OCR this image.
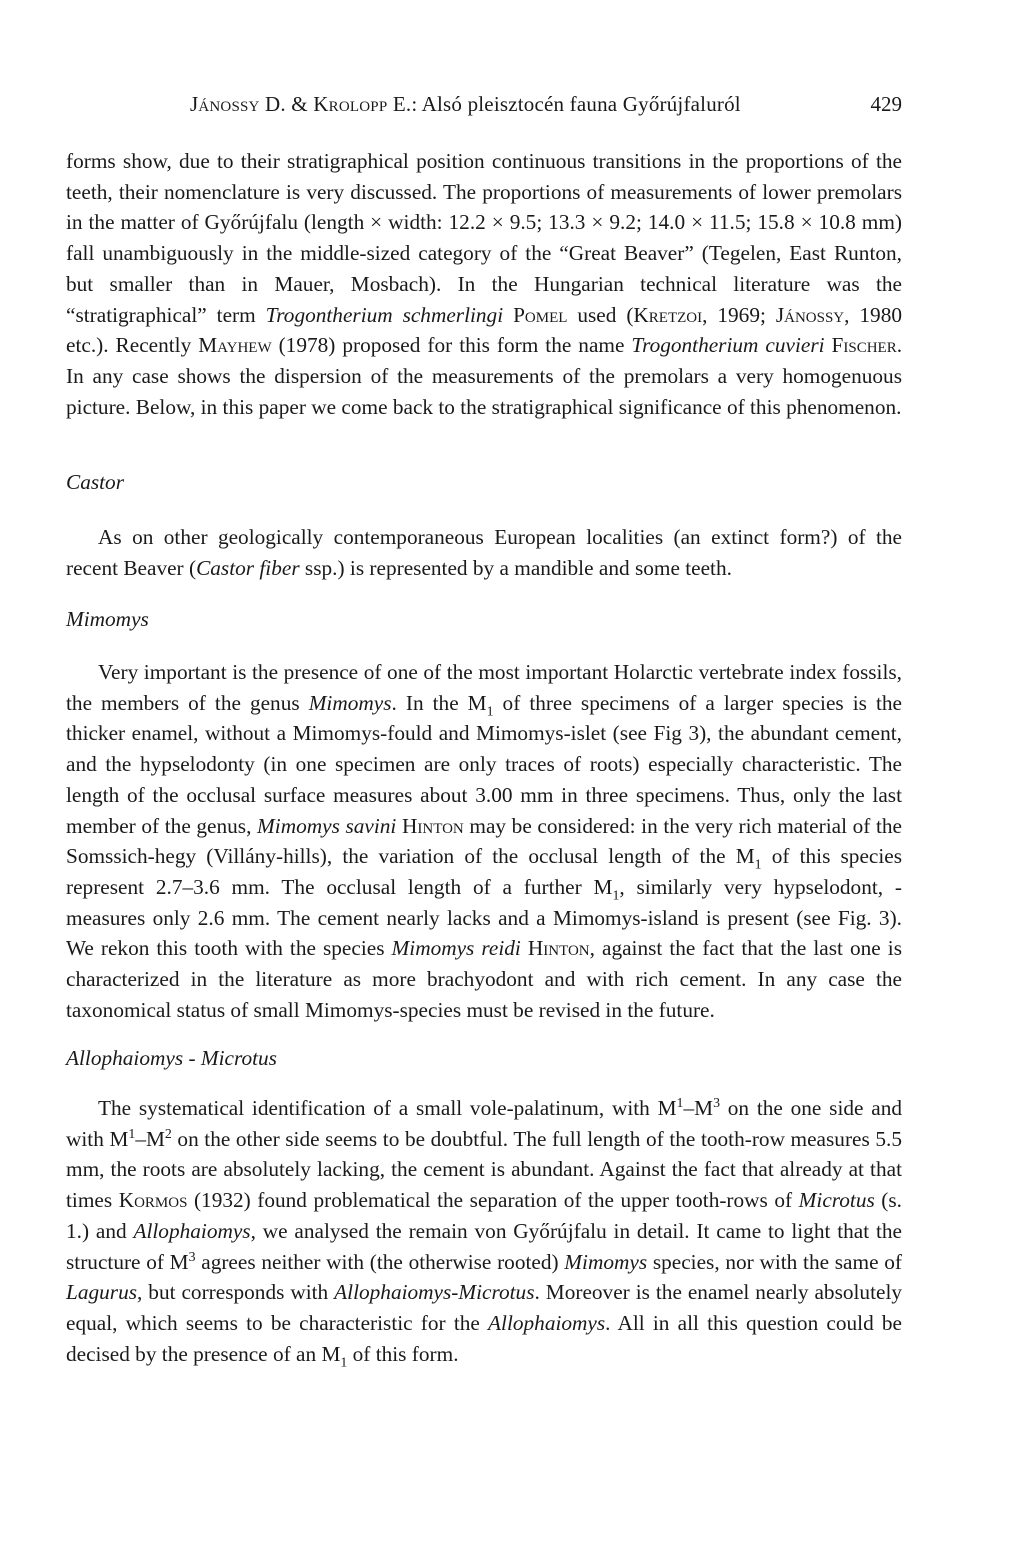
Jánossy D. & Krolopp E.: Alsó pleisztocén fauna Győrújfaluról	429

forms show, due to their stratigraphical position continuous transitions in the proportions of the teeth, their nomenclature is very discussed. The proportions of measurements of lower premolars in the matter of Győrújfalu (length × width: 12.2 × 9.5; 13.3 × 9.2; 14.0 × 11.5; 15.8 × 10.8 mm) fall unambiguously in the middle-sized category of the “Great Beaver” (Tegelen, East Runton, but smaller than in Mauer, Mosbach). In the Hungarian technical literature was the “stratigraphical” term Trogontherium schmerlingi Pomel used (Kretzoi, 1969; Jánossy, 1980 etc.). Recently Mayhew (1978) proposed for this form the name Trogontherium cuvieri Fischer. In any case shows the dispersion of the measurements of the premolars a very homogenuous picture. Below, in this paper we come back to the stratigraphical significance of this phenomenon.

Castor

As on other geologically contemporaneous European localities (an extinct form?) of the recent Beaver (Castor fiber ssp.) is represented by a mandible and some teeth.

Mimomys

Very important is the presence of one of the most important Holarctic vertebrate index fossils, the members of the genus Mimomys. In the $M_1$ of three specimens of a larger species is the thicker enamel, without a Mimomys-fould and Mimomys-islet (see Fig 3), the abundant cement, and the hypselodonty (in one specimen are only traces of roots) especially characteristic. The length of the occlusal surface measures about 3.00 mm in three specimens. Thus, only the last member of the genus, Mimomys savini Hinton may be considered: in the very rich material of the Somssich-hegy (Villány-hills), the variation of the occlusal length of the $M_1$ of this species represent 2.7–3.6 mm. The occlusal length of a further $M_1$, similarly very hypselodont, - measures only 2.6 mm. The cement nearly lacks and a Mimomys-island is present (see Fig. 3). We rekon this tooth with the species Mimomys reidi Hinton, against the fact that the last one is characterized in the literature as more brachyodont and with rich cement. In any case the taxonomical status of small Mimomys-species must be revised in the future.

Allophaiomys - Microtus

The systematical identification of a small vole-palatinum, with $M^1-M^3$ on the one side and with $M^1-M^2$ on the other side seems to be doubtful. The full length of the tooth-row measures 5.5 mm, the roots are absolutely lacking, the cement is abundant. Against the fact that already at that times Kormos (1932) found problematical the separation of the upper tooth-rows of Microtus (s. 1.) and Allophaiomys, we analysed the remain von Győrújfalu in detail. It came to light that the structure of $M^3$ agrees neither with (the otherwise rooted) Mimomys species, nor with the same of Lagurus, but corresponds with Allophaiomys-Microtus. Moreover is the enamel nearly absolutely equal, which seems to be characteristic for the Allophaiomys. All in all this question could be decised by the presence of an $M_1$ of this form.
